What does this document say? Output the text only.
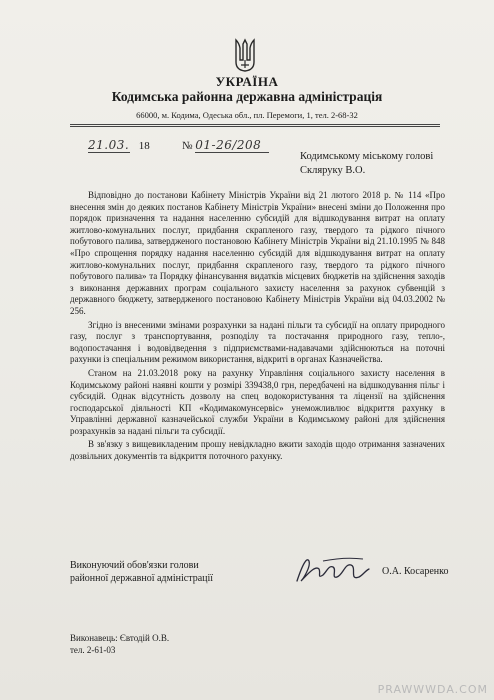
УКРАЇНА
Кодимська районна державна адміністрація
66000, м. Кодима, Одеська обл., пл. Перемоги, 1, тел. 2-68-32
21.03. 18	№ 01-26/208
Кодимському міському голові
Скляруку В.О.

Відповідно до постанови Кабінету Міністрів України від 21 лютого 2018 р. № 114 «Про внесення змін до деяких постанов Кабінету Міністрів України» внесені зміни до Положення про порядок призначення та надання населенню субсидій для відшкодування витрат на оплату житлово-комунальних послуг, придбання скрапленого газу, твердого та рідкого пічного побутового палива, затвердженого постановою Кабінету Міністрів України від 21.10.1995 № 848 «Про спрощення порядку надання населенню субсидій для відшкодування витрат на оплату житлово-комунальних послуг, придбання скрапленого газу, твердого та рідкого пічного побутового палива» та Порядку фінансування видатків місцевих бюджетів на здійснення заходів з виконання державних програм соціального захисту населення за рахунок субвенцій з державного бюджету, затвердженого постановою Кабінету Міністрів України від 04.03.2002 № 256.

Згідно із внесеними змінами розрахунки за надані пільги та субсидії на оплату природного газу, послуг з транспортування, розподілу та постачання природного газу, тепло-, водопостачання і водовідведення з підприємствами-надавачами здійснюються на поточні рахунки із спеціальним режимом використання, відкриті в органах Казначейства.

Станом на 21.03.2018 року на рахунку Управління соціального захисту населення в Кодимському районі наявні кошти у розмірі 339438,0 грн, передбачені на відшкодування пільг і субсидій. Однак відсутність дозволу на спец водокористування та ліцензії на здійснення господарської діяльності КП «Кодимакомунсервіс» унеможливлює відкриття рахунку в Управлінні державної казначейської служби України в Кодимському районі для здійснення розрахунків за надані пільги та субсидії.

В зв'язку з вищевикладеним прошу невідкладно вжити заходів щодо отримання зазначених дозвільних документів та відкриття поточного рахунку.

Виконуючий обов'язки голови
районної державної адміністрації
О.А. Косаренко
Виконавець: Євтодій О.В.
тел. 2-61-03
PRAWWWDA.COM
